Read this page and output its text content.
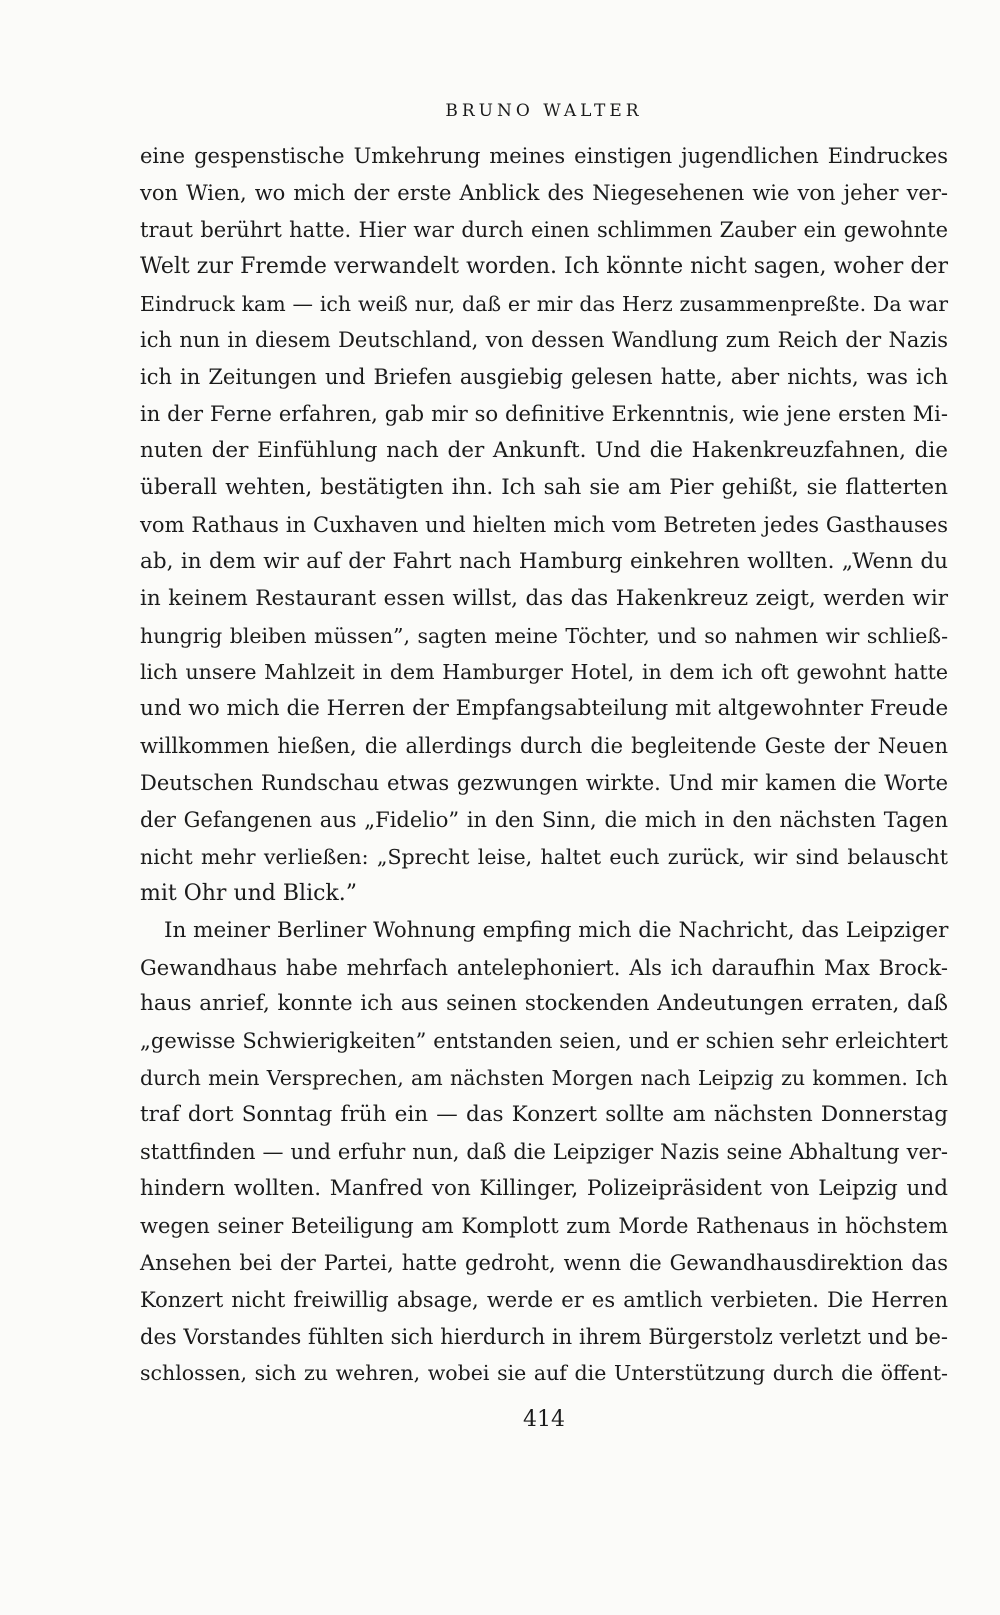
BRUNO WALTER
eine gespenstische Umkehrung meines einstigen jugendlichen Eindruckes
von Wien, wo mich der erste Anblick des Niegesehenen wie von jeher ver-
traut berührt hatte. Hier war durch einen schlimmen Zauber ein gewohnte
Welt zur Fremde verwandelt worden. Ich könnte nicht sagen, woher der
Eindruck kam — ich weiß nur, daß er mir das Herz zusammenpreßte. Da war
ich nun in diesem Deutschland, von dessen Wandlung zum Reich der Nazis
ich in Zeitungen und Briefen ausgiebig gelesen hatte, aber nichts, was ich
in der Ferne erfahren, gab mir so definitive Erkenntnis, wie jene ersten Mi-
nuten der Einfühlung nach der Ankunft. Und die Hakenkreuzfahnen, die
überall wehten, bestätigten ihn. Ich sah sie am Pier gehißt, sie flatterten
vom Rathaus in Cuxhaven und hielten mich vom Betreten jedes Gasthauses
ab, in dem wir auf der Fahrt nach Hamburg einkehren wollten. „Wenn du
in keinem Restaurant essen willst, das das Hakenkreuz zeigt, werden wir
hungrig bleiben müssen”, sagten meine Töchter, und so nahmen wir schließ-
lich unsere Mahlzeit in dem Hamburger Hotel, in dem ich oft gewohnt hatte
und wo mich die Herren der Empfangsabteilung mit altgewohnter Freude
willkommen hießen, die allerdings durch die begleitende Geste der Neuen
Deutschen Rundschau etwas gezwungen wirkte. Und mir kamen die Worte
der Gefangenen aus „Fidelio” in den Sinn, die mich in den nächsten Tagen
nicht mehr verließen: „Sprecht leise, haltet euch zurück, wir sind belauscht
mit Ohr und Blick.”
In meiner Berliner Wohnung empfing mich die Nachricht, das Leipziger
Gewandhaus habe mehrfach antelephoniert. Als ich daraufhin Max Brock-
haus anrief, konnte ich aus seinen stockenden Andeutungen erraten, daß
„gewisse Schwierigkeiten” entstanden seien, und er schien sehr erleichtert
durch mein Versprechen, am nächsten Morgen nach Leipzig zu kommen. Ich
traf dort Sonntag früh ein — das Konzert sollte am nächsten Donnerstag
stattfinden — und erfuhr nun, daß die Leipziger Nazis seine Abhaltung ver-
hindern wollten. Manfred von Killinger, Polizeipräsident von Leipzig und
wegen seiner Beteiligung am Komplott zum Morde Rathenaus in höchstem
Ansehen bei der Partei, hatte gedroht, wenn die Gewandhausdirektion das
Konzert nicht freiwillig absage, werde er es amtlich verbieten. Die Herren
des Vorstandes fühlten sich hierdurch in ihrem Bürgerstolz verletzt und be-
schlossen, sich zu wehren, wobei sie auf die Unterstützung durch die öffent-
414
